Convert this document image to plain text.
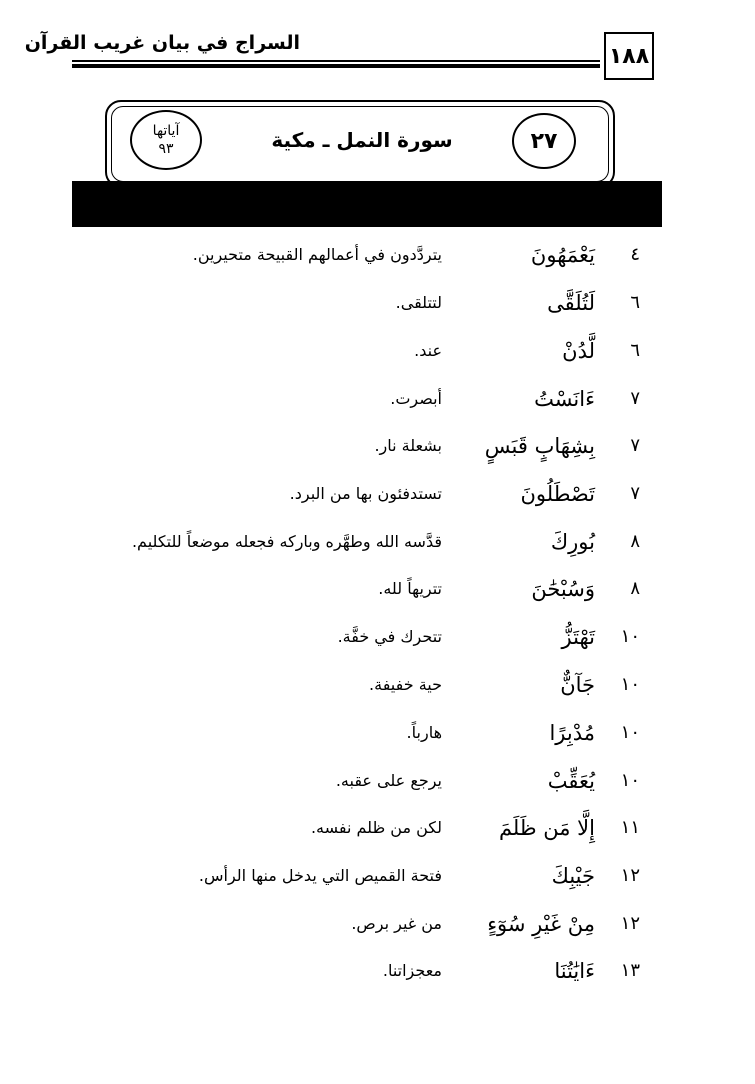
السراج في بيان غريب القرآن
١٨٨
٢٧
سورة النمل ـ مكية
آياتها
٩٣
٤
يَعْمَهُونَ
يتردَّدون في أعمالهم القبيحة متحيرين.
٦
لَتُلَقَّى
لتتلقى.
٦
لَّدُنْ
عند.
٧
ءَانَسْتُ
أبصرت.
٧
بِشِهَابٍ قَبَسٍ
بشعلة نار.
٧
تَصْطَلُونَ
تستدفئون بها من البرد.
٨
بُورِكَ
قدَّسه الله وطهَّره وباركه فجعله موضعاً للتكليم.
٨
وَسُبْحَٰنَ
تتريهاً لله.
١٠
تَهْتَزُّ
تتحرك في خفَّة.
١٠
جَآنٌّ
حية خفيفة.
١٠
مُدْبِرًا
هارباً.
١٠
يُعَقِّبْ
يرجع على عقبه.
١١
إِلَّا مَن ظَلَمَ
لكن من ظلم نفسه.
١٢
جَيْبِكَ
فتحة القميص التي يدخل منها الرأس.
١٢
مِنْ غَيْرِ سُوٓءٍ
من غير برص.
١٣
ءَايَٰتُنَا
معجزاتنا.
